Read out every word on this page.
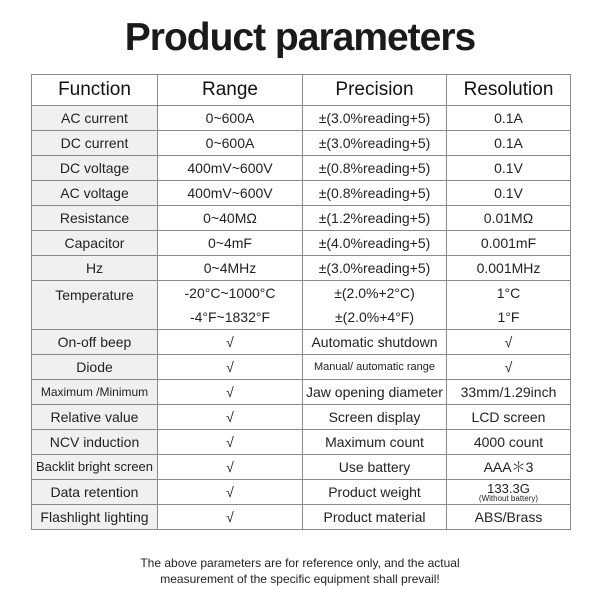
Product parameters
Function	Range	Precision	Resolution
AC current	0~600A	±(3.0%reading+5)	0.1A
DC current	0~600A	±(3.0%reading+5)	0.1A
DC voltage	400mV~600V	±(0.8%reading+5)	0.1V
AC voltage	400mV~600V	±(0.8%reading+5)	0.1V
Resistance	0~40MΩ	±(1.2%reading+5)	0.01MΩ
Capacitor	0~4mF	±(4.0%reading+5)	0.001mF
Hz	0~4MHz	±(3.0%reading+5)	0.001MHz
Temperature	-20°C~1000°C	±(2.0%+2°C)	1°C
	-4°F~1832°F	±(2.0%+4°F)	1°F
On-off beep	√	Automatic shutdown	√
Diode	√	Manual/ automatic range	√
Maximum /Minimum	√	Jaw opening diameter	33mm/1.29inch
Relative value	√	Screen display	LCD screen
NCV induction	√	Maximum count	4000 count
Backlit bright screen	√	Use battery	AAA＊3
Data retention	√	Product weight	133.3G
(Without battery)

Flashlight lighting	√	Product material	ABS/Brass
The above parameters are for reference only, and the actual
measurement of the specific equipment shall prevail!
